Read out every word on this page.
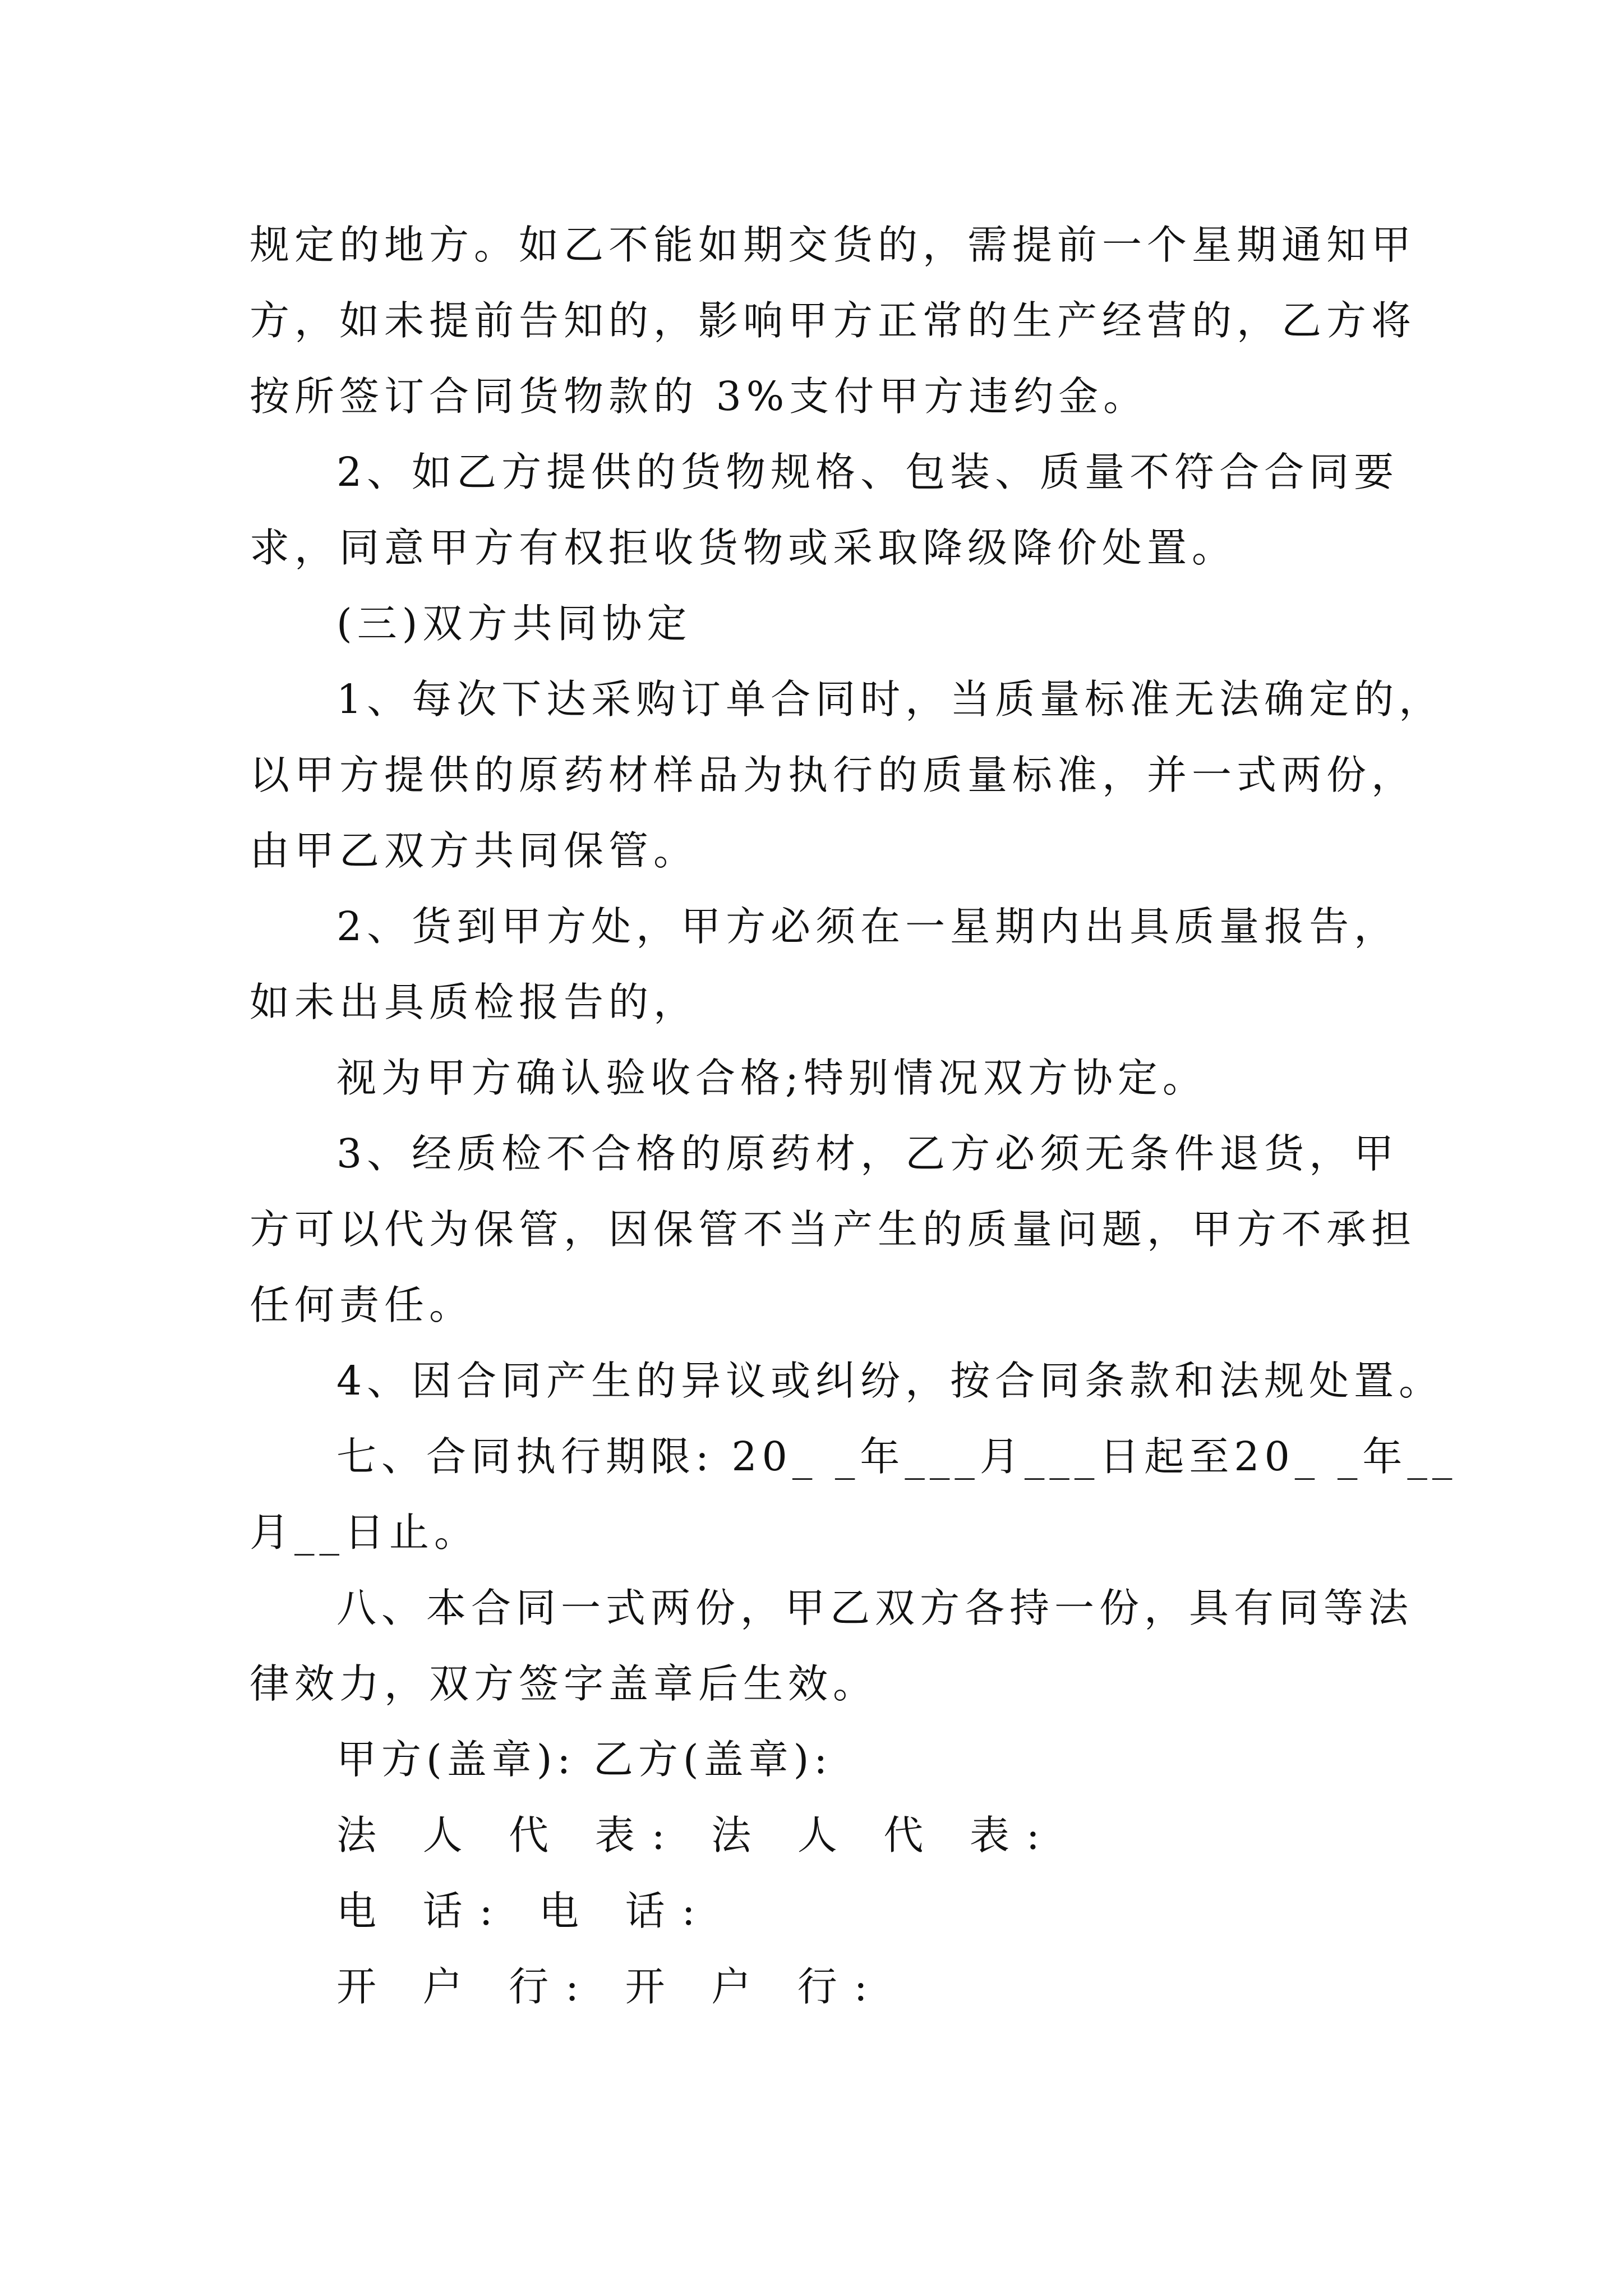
规定的地方。如乙不能如期交货的，需提前一个星期通知甲
方，如未提前告知的，影响甲方正常的生产经营的，乙方将
按所签订合同货物款的 3%支付甲方违约金。
2、如乙方提供的货物规格、包装、质量不符合合同要
求，同意甲方有权拒收货物或采取降级降价处置。
(三)双方共同协定
1、每次下达采购订单合同时，当质量标准无法确定的，
以甲方提供的原药材样品为执行的质量标准，并一式两份，
由甲乙双方共同保管。
2、货到甲方处，甲方必须在一星期内出具质量报告，
如未出具质检报告的，
视为甲方确认验收合格;特别情况双方协定。
3、经质检不合格的原药材，乙方必须无条件退货，甲
方可以代为保管，因保管不当产生的质量问题，甲方不承担
任何责任。
4、因合同产生的异议或纠纷，按合同条款和法规处置。
七、合同执行期限: 20_ _年___月___日起至20_ _年__
月__日止。
八、本合同一式两份，甲乙双方各持一份，具有同等法
律效力，双方签字盖章后生效。
甲方(盖章): 乙方(盖章):
法 人 代 表: 法 人 代 表:
电 话: 电 话:
开 户 行: 开 户 行:
